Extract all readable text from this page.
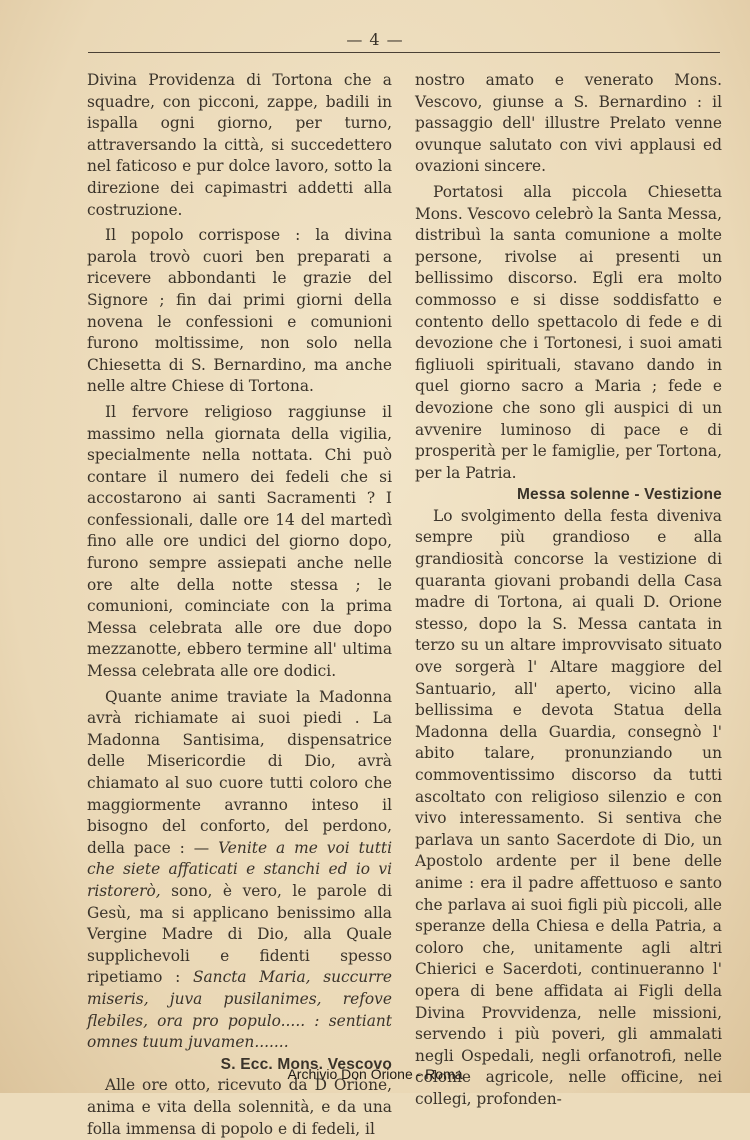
— 4 —

Divina Providenza di Tortona che a squadre, con picconi, zappe, badili in ispalla ogni giorno, per turno, attraversando la città, si succedettero nel faticoso e pur dolce lavoro, sotto la direzione dei capimastri addetti alla costruzione.

Il popolo corrispose : la divina parola trovò cuori ben preparati a ricevere abbondanti le grazie del Signore ; fin dai primi giorni della novena le confessioni e comunioni furono moltissime, non solo nella Chiesetta di S. Bernardino, ma anche nelle altre Chiese di Tortona.

Il fervore religioso raggiunse il massimo nella giornata della vigilia, specialmente nella nottata. Chi può contare il numero dei fedeli che si accostarono ai santi Sacramenti ? I confessionali, dalle ore 14 del martedì fino alle ore undici del giorno dopo, furono sempre assiepati anche nelle ore alte della notte stessa ; le comunioni, cominciate con la prima Messa celebrata alle ore due dopo mezzanotte, ebbero termine all' ultima Messa celebrata alle ore dodici.

Quante anime traviate la Madonna avrà richiamate ai suoi piedi . La Madonna Santisima, dispensatrice delle Misericordie di Dio, avrà chiamato al suo cuore tutti coloro che maggiormente avranno inteso il bisogno del conforto, del perdono, della pace : — Venite a me voi tutti che siete affaticati e stanchi ed io vi ristorerò, sono, è vero, le parole di Gesù, ma si applicano benissimo alla Vergine Madre di Dio, alla Quale supplichevoli e fidenti spesso ripetiamo : Sancta Maria, succurre miseris, juva pusilanimes, refove flebiles, ora pro populo..... : sentiant omnes tuum juvamen.......

S. Ecc. Mons. Vescovo

Alle ore otto, ricevuto da D Orione, anima e vita della solennità, e da una folla immensa di popolo e di fedeli, il

nostro amato e venerato Mons. Vescovo, giunse a S. Bernardino : il passaggio dell' illustre Prelato venne ovunque salutato con vivi applausi ed ovazioni sincere.

Portatosi alla piccola Chiesetta Mons. Vescovo celebrò la Santa Messa, distribuì la santa comunione a molte persone, rivolse ai presenti un bellissimo discorso. Egli era molto commosso e si disse soddisfatto e contento dello spettacolo di fede e di devozione che i Tortonesi, i suoi amati figliuoli spirituali, stavano dando in quel giorno sacro a Maria ; fede e devozione che sono gli auspici di un avvenire luminoso di pace e di prosperità per le famiglie, per Tortona, per la Patria.

Messa solenne - Vestizione

Lo svolgimento della festa diveniva sempre più grandioso e alla grandiosità concorse la vestizione di quaranta giovani probandi della Casa madre di Tortona, ai quali D. Orione stesso, dopo la S. Messa cantata in terzo su un altare improvvisato situato ove sorgerà l' Altare maggiore del Santuario, all' aperto, vicino alla bellissima e devota Statua della Madonna della Guardia, consegnò l' abito talare, pronunziando un commoventissimo discorso da tutti ascoltato con religioso silenzio e con vivo interessamento. Si sentiva che parlava un santo Sacerdote di Dio, un Apostolo ardente per il bene delle anime : era il padre affettuoso e santo che parlava ai suoi figli più piccoli, alle speranze della Chiesa e della Patria, a coloro che, unitamente agli altri Chierici e Sacerdoti, continueranno l' opera di bene affidata ai Figli della Divina Provvidenza, nelle missioni, servendo i più poveri, gli ammalati negli Ospedali, negli orfanotrofi, nelle colonie agricole, nelle officine, nei collegi, profonden-

Archivio Don Orione - Roma
